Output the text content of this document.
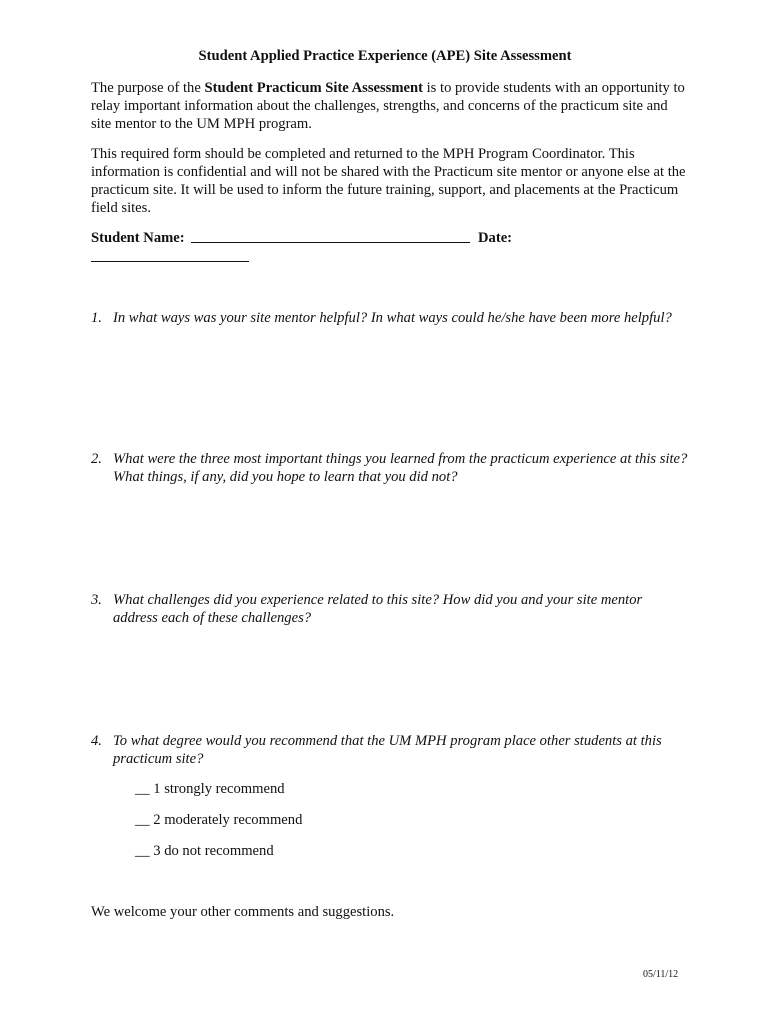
Student Applied Practice Experience (APE) Site Assessment

The purpose of the Student Practicum Site Assessment is to provide students with an opportunity to relay important information about the challenges, strengths, and concerns of the practicum site and site mentor to the UM MPH program.

This required form should be completed and returned to the MPH Program Coordinator. This information is confidential and will not be shared with the Practicum site mentor or anyone else at the practicum site. It will be used to inform the future training, support, and placements at the Practicum field sites.

Student Name:	Date:
1. In what ways was your site mentor helpful? In what ways could he/she have been more helpful?
2. What were the three most important things you learned from the practicum experience at this site? What things, if any, did you hope to learn that you did not?
3. What challenges did you experience related to this site? How did you and your site mentor address each of these challenges?
4. To what degree would you recommend that the UM MPH program place other students at this practicum site?
__ 1 strongly recommend
__ 2 moderately recommend
__ 3 do not recommend
We welcome your other comments and suggestions.
05/11/12
